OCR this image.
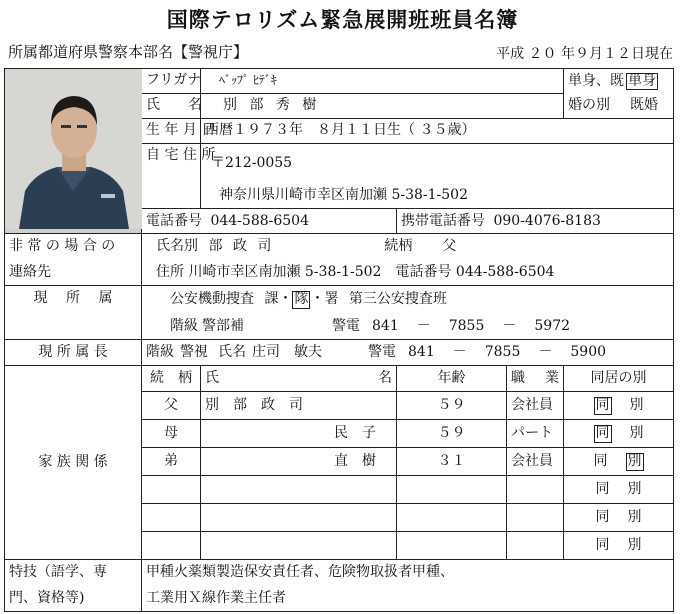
国際テロリズム緊急展開班班員名簿
所属都道府県警察本部名【警視庁】	平成 ２０ 年９月１２日現在
	フリガナ	ﾍﾞｯﾌﾟ ﾋﾃﾞｷ			単身、既 単身	
	氏　　名	別 部 秀 樹			婚の別 既婚	
	生 年 月 日	西暦１９７３年　８月１１日生（ ３５歳）				
	自 宅 住 所	〒212-0055				
		神奈川県川崎市幸区南加瀬 5-38-1-502				
	電話番号 044-588-6504		携帯電話番号 090-4076-8183			
非 常 の 場 合 の	氏名別 部 政 司 続柄 父					
連絡先	住所 川崎市幸区南加瀬 5-38-1-502 電話番号 044-588-6504					
現　 所　 属	公安機動捜査 課・ 隊 ・署 第三公安捜査班					
	階級 警部補 警電 841 － 7855 － 5972					
現 所 属 長	階級 警視 氏名 庄司　敏夫 警電 841 － 7855 － 5900					
家 族 関 係	続　柄	氏 名	年齢	職 業	同居の別	
	父	別　部　政　司	５９	会社員	同 別	
	母	民　子	５９	パート	同 別	
	弟	直　樹	３１	会社員	同 別	
					同 別	
					同 別	
					同 別	
特技（語学、専	甲種火薬類製造保安責任者、危険物取扱者甲種、					
門、資格等)	工業用Ｘ線作業主任者					
